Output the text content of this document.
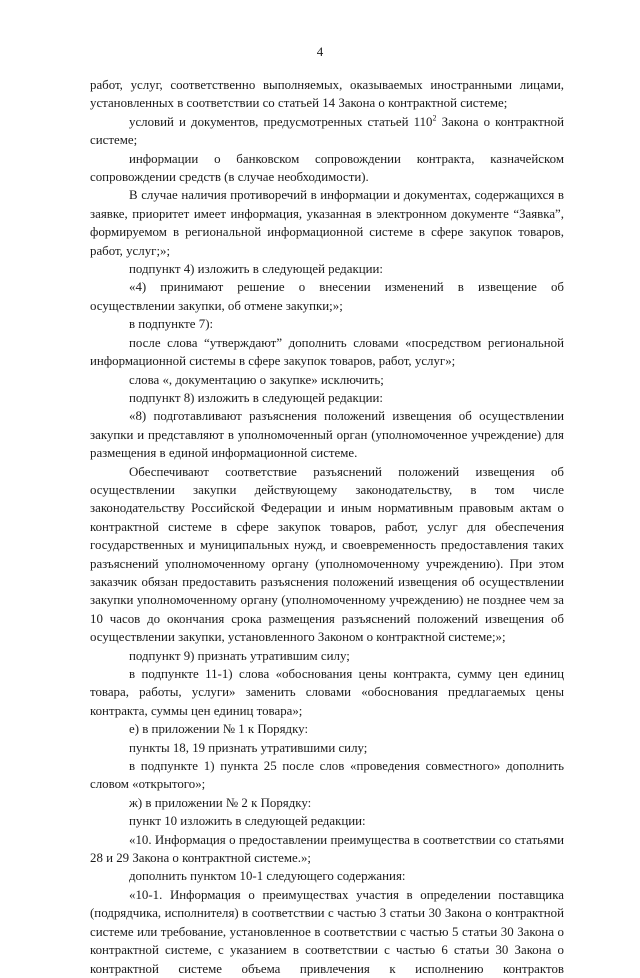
4

работ, услуг, соответственно выполняемых, оказываемых иностранными лицами, установленных в соответствии со статьей 14 Закона о контрактной системе;

условий и документов, предусмотренных статьей $110^2$ Закона о контрактной системе;

информации о банковском сопровождении контракта, казначейском сопровождении средств (в случае необходимости).

В случае наличия противоречий в информации и документах, содержащихся в заявке, приоритет имеет информация, указанная в электронном документе “Заявка”, формируемом в региональной информационной системе в сфере закупок товаров, работ, услуг;»;

подпункт 4) изложить в следующей редакции:

«4) принимают решение о внесении изменений в извещение об осуществлении закупки, об отмене закупки;»;

в подпункте 7):

после слова “утверждают” дополнить словами «посредством региональной информационной системы в сфере закупок товаров, работ, услуг»;

слова «, документацию о закупке» исключить;

подпункт 8) изложить в следующей редакции:

«8) подготавливают разъяснения положений извещения об осуществлении закупки и представляют в уполномоченный орган (уполномоченное учреждение) для размещения в единой информационной системе.

Обеспечивают соответствие разъяснений положений извещения об осуществлении закупки действующему законодательству, в том числе законодательству Российской Федерации и иным нормативным правовым актам о контрактной системе в сфере закупок товаров, работ, услуг для обеспечения государственных и муниципальных нужд, и своевременность предоставления таких разъяснений уполномоченному органу (уполномоченному учреждению). При этом заказчик обязан предоставить разъяснения положений извещения об осуществлении закупки уполномоченному органу (уполномоченному учреждению) не позднее чем за 10 часов до окончания срока размещения разъяснений положений извещения об осуществлении закупки, установленного Законом о контрактной системе;»;

подпункт 9) признать утратившим силу;

в подпункте 11-1) слова «обоснования цены контракта, сумму цен единиц товара, работы, услуги» заменить словами «обоснования предлагаемых цены контракта, суммы цен единиц товара»;

е) в приложении № 1 к Порядку:

пункты 18, 19 признать утратившими силу;

в подпункте 1) пункта 25 после слов «проведения совместного» дополнить словом «открытого»;

ж) в приложении № 2 к Порядку:

пункт 10 изложить в следующей редакции:

«10. Информация о предоставлении преимущества в соответствии со статьями 28 и 29 Закона о контрактной системе.»;

дополнить пунктом 10-1 следующего содержания:

«10-1. Информация о преимуществах участия в определении поставщика (подрядчика, исполнителя) в соответствии с частью 3 статьи 30 Закона о контрактной системе или требование, установленное в соответствии с частью 5 статьи 30 Закона о контрактной системе, с указанием в соответствии с частью 6 статьи 30 Закона о контрактной системе объема привлечения к исполнению контрактов
